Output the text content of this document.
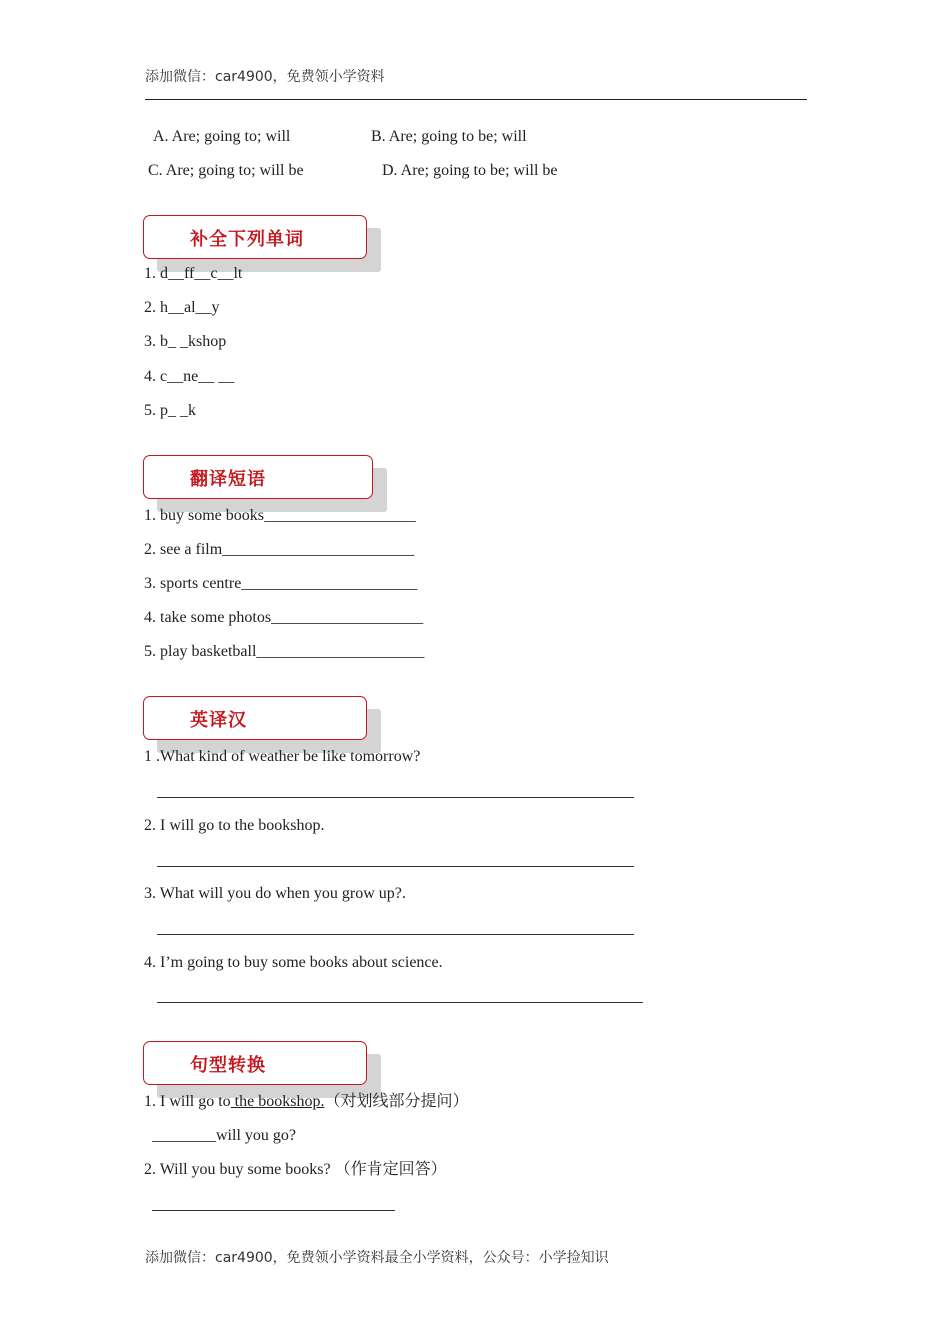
添加微信：car4900，免费领小学资料
A. Are; going to; will	B. Are; going to be; will
C. Are; going to; will be	D. Are; going to be; will be
补全下列单词
1. d__ff__c__lt
2. h__al__y
3. b_ _kshop
4. c__ne__ __
5. p_ _k
翻译短语
1. buy some books___________________
2. see a film________________________
3. sports centre______________________
4. take some photos___________________
5. play basketball_____________________
英译汉
1 .What kind of weather be like tomorrow?
2. I will go to the bookshop.
3. What will you do when you grow up?.
4. I’m going to buy some books about science.
句型转换
1. I will go to the bookshop.（对划线部分提问）
________will you go?
2. Will you buy some books? （作肯定回答）
添加微信：car4900，免费领小学资料最全小学资料，公众号：小学捡知识
